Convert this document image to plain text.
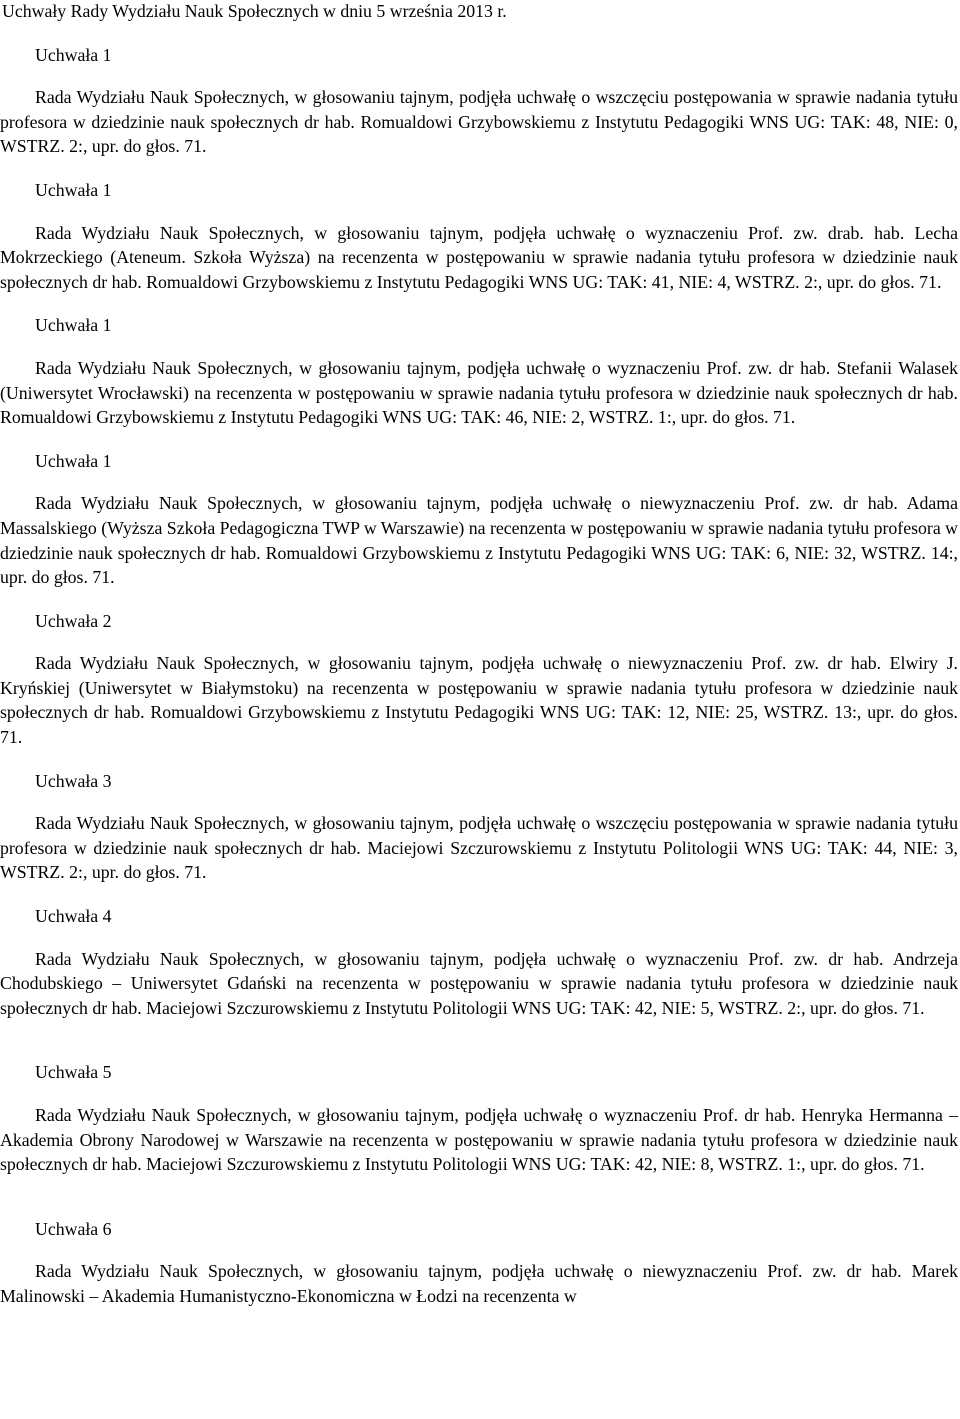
Uchwały Rady Wydziału Nauk Społecznych w dniu 5 września 2013 r.

Uchwała 1

Rada Wydziału Nauk Społecznych, w głosowaniu tajnym, podjęła uchwałę o wszczęciu postępowania w sprawie nadania tytułu profesora w dziedzinie nauk społecznych dr hab. Romualdowi Grzybowskiemu z Instytutu Pedagogiki WNS UG: TAK: 48, NIE: 0, WSTRZ. 2:, upr. do głos. 71.

Uchwała 1

Rada Wydziału Nauk Społecznych, w głosowaniu tajnym, podjęła uchwałę o wyznaczeniu Prof. zw. drab. hab. Lecha Mokrzeckiego (Ateneum. Szkoła Wyższa) na recenzenta w postępowaniu w sprawie nadania tytułu profesora w dziedzinie nauk społecznych dr hab. Romualdowi Grzybowskiemu z Instytutu Pedagogiki WNS UG: TAK: 41, NIE: 4, WSTRZ. 2:, upr. do głos. 71.

Uchwała 1

Rada Wydziału Nauk Społecznych, w głosowaniu tajnym, podjęła uchwałę o wyznaczeniu Prof. zw. dr hab. Stefanii Walasek (Uniwersytet Wrocławski) na recenzenta w postępowaniu w sprawie nadania tytułu profesora w dziedzinie nauk społecznych dr hab. Romualdowi Grzybowskiemu z Instytutu Pedagogiki WNS UG: TAK: 46, NIE: 2, WSTRZ. 1:, upr. do głos. 71.

Uchwała 1

Rada Wydziału Nauk Społecznych, w głosowaniu tajnym, podjęła uchwałę o niewyznaczeniu Prof. zw. dr hab. Adama Massalskiego (Wyższa Szkoła Pedagogiczna TWP w Warszawie) na recenzenta w postępowaniu w sprawie nadania tytułu profesora w dziedzinie nauk społecznych dr hab. Romualdowi Grzybowskiemu z Instytutu Pedagogiki WNS UG: TAK: 6, NIE: 32, WSTRZ. 14:, upr. do głos. 71.

Uchwała 2

Rada Wydziału Nauk Społecznych, w głosowaniu tajnym, podjęła uchwałę o niewyznaczeniu Prof. zw. dr hab. Elwiry J. Kryńskiej (Uniwersytet w Białymstoku) na recenzenta w postępowaniu w sprawie nadania tytułu profesora w dziedzinie nauk społecznych dr hab. Romualdowi Grzybowskiemu z Instytutu Pedagogiki WNS UG: TAK: 12, NIE: 25, WSTRZ. 13:, upr. do głos. 71.

Uchwała 3

Rada Wydziału Nauk Społecznych, w głosowaniu tajnym, podjęła uchwałę o wszczęciu postępowania w sprawie nadania tytułu profesora w dziedzinie nauk społecznych dr hab. Maciejowi Szczurowskiemu z Instytutu Politologii WNS UG: TAK: 44, NIE: 3, WSTRZ. 2:, upr. do głos. 71.

Uchwała 4

Rada Wydziału Nauk Społecznych, w głosowaniu tajnym, podjęła uchwałę o wyznaczeniu Prof. zw. dr hab. Andrzeja Chodubskiego – Uniwersytet Gdański na recenzenta w postępowaniu w sprawie nadania tytułu profesora w dziedzinie nauk społecznych dr hab. Maciejowi Szczurowskiemu z Instytutu Politologii WNS UG: TAK: 42, NIE: 5, WSTRZ. 2:, upr. do głos. 71.

Uchwała 5

Rada Wydziału Nauk Społecznych, w głosowaniu tajnym, podjęła uchwałę o wyznaczeniu Prof. dr hab. Henryka Hermanna – Akademia Obrony Narodowej w Warszawie na recenzenta w postępowaniu w sprawie nadania tytułu profesora w dziedzinie nauk społecznych dr hab. Maciejowi Szczurowskiemu z Instytutu Politologii WNS UG: TAK: 42, NIE: 8, WSTRZ. 1:, upr. do głos. 71.

Uchwała 6

Rada Wydziału Nauk Społecznych, w głosowaniu tajnym, podjęła uchwałę o niewyznaczeniu Prof. zw. dr hab. Marek Malinowski – Akademia Humanistyczno-Ekonomiczna w Łodzi na recenzenta w
